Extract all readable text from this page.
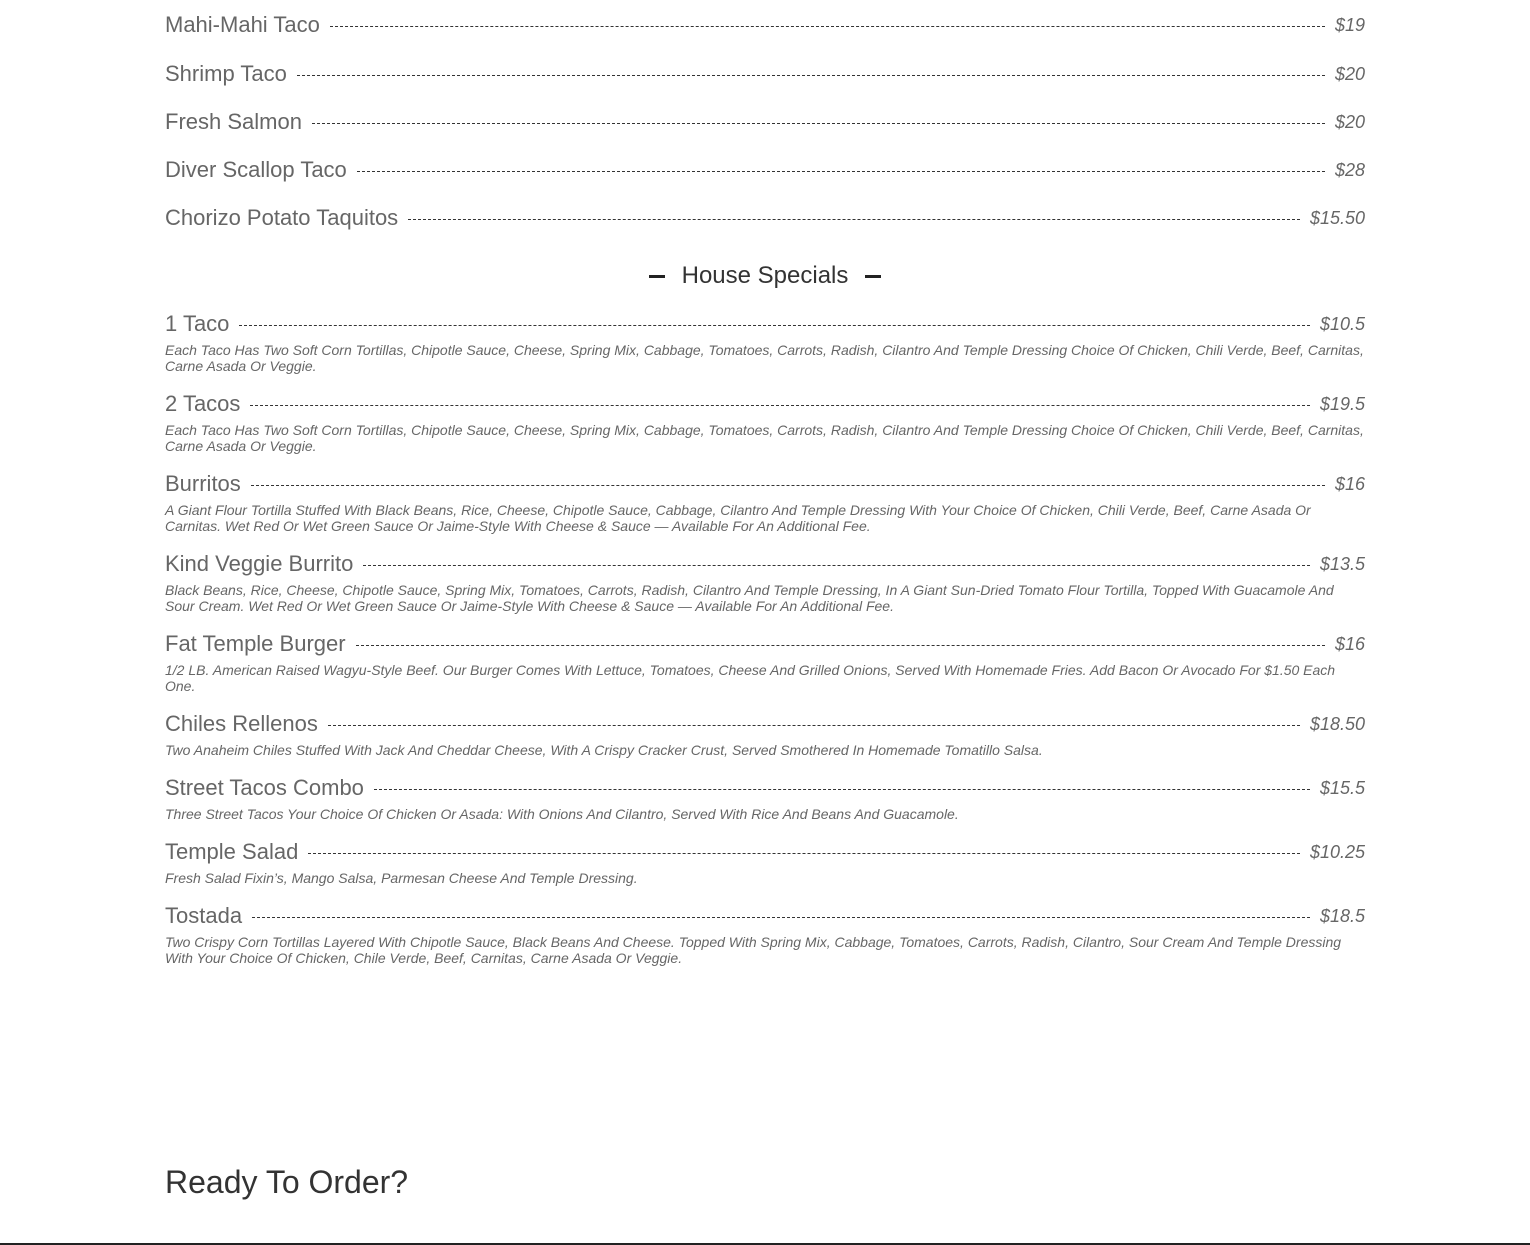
Mahi-Mahi Taco	$19
Shrimp Taco	$20
Fresh Salmon	$20
Diver Scallop Taco	$28
Chorizo Potato Taquitos	$15.50
House Specials
1 Taco	$10.5
Each Taco Has Two Soft Corn Tortillas, Chipotle Sauce, Cheese, Spring Mix, Cabbage, Tomatoes, Carrots, Radish, Cilantro And Temple Dressing Choice Of Chicken, Chili Verde, Beef, Carnitas, Carne Asada Or Veggie.
2 Tacos	$19.5
Each Taco Has Two Soft Corn Tortillas, Chipotle Sauce, Cheese, Spring Mix, Cabbage, Tomatoes, Carrots, Radish, Cilantro And Temple Dressing Choice Of Chicken, Chili Verde, Beef, Carnitas, Carne Asada Or Veggie.
Burritos	$16
A Giant Flour Tortilla Stuffed With Black Beans, Rice, Cheese, Chipotle Sauce, Cabbage, Cilantro And Temple Dressing With Your Choice Of Chicken, Chili Verde, Beef, Carne Asada Or Carnitas. Wet Red Or Wet Green Sauce Or Jaime-Style With Cheese & Sauce — Available For An Additional Fee.
Kind Veggie Burrito	$13.5
Black Beans, Rice, Cheese, Chipotle Sauce, Spring Mix, Tomatoes, Carrots, Radish, Cilantro And Temple Dressing, In A Giant Sun-Dried Tomato Flour Tortilla, Topped With Guacamole And Sour Cream. Wet Red Or Wet Green Sauce Or Jaime-Style With Cheese & Sauce — Available For An Additional Fee.
Fat Temple Burger	$16
1/2 LB. American Raised Wagyu-Style Beef. Our Burger Comes With Lettuce, Tomatoes, Cheese And Grilled Onions, Served With Homemade Fries. Add Bacon Or Avocado For $1.50 Each One.
Chiles Rellenos	$18.50
Two Anaheim Chiles Stuffed With Jack And Cheddar Cheese, With A Crispy Cracker Crust, Served Smothered In Homemade Tomatillo Salsa.
Street Tacos Combo	$15.5
Three Street Tacos Your Choice Of Chicken Or Asada: With Onions And Cilantro, Served With Rice And Beans And Guacamole.
Temple Salad	$10.25
Fresh Salad Fixin’s, Mango Salsa, Parmesan Cheese And Temple Dressing.
Tostada	$18.5
Two Crispy Corn Tortillas Layered With Chipotle Sauce, Black Beans And Cheese. Topped With Spring Mix, Cabbage, Tomatoes, Carrots, Radish, Cilantro, Sour Cream And Temple Dressing With Your Choice Of Chicken, Chile Verde, Beef, Carnitas, Carne Asada Or Veggie.
Ready To Order?
